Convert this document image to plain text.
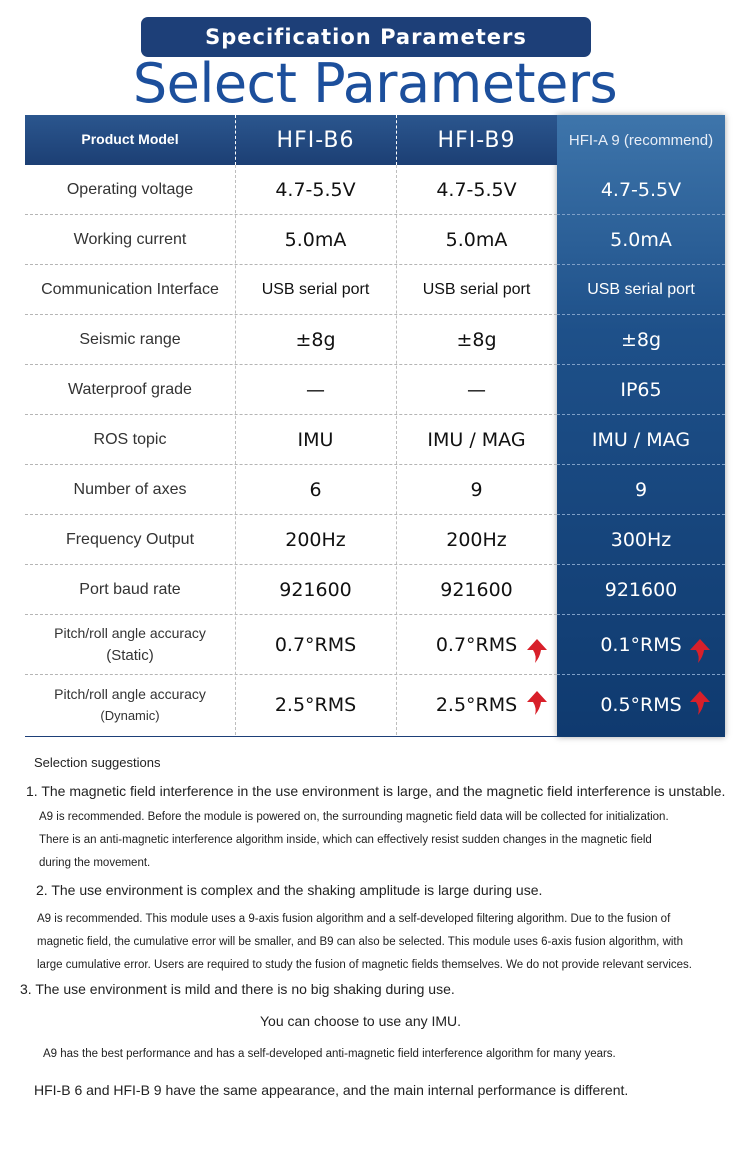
Specification Parameters
Select Parameters
Product Model	HFI-B6	HFI-B9	HFI-A 9 (recommend)
Operating voltage	4.7-5.5V	4.7-5.5V	4.7-5.5V
Working current	5.0mA	5.0mA	5.0mA
Communication Interface	USB serial port	USB serial port	USB serial port
Seismic range	±8g	±8g	±8g
Waterproof grade	—	—	IP65
ROS topic	IMU	IMU / MAG	IMU / MAG
Number of axes	6	9	9
Frequency Output	200Hz	200Hz	300Hz
Port baud rate	921600	921600	921600
Pitch/roll angle accuracy
(Static)	0.7°RMS	0.7°RMS	0.1°RMS
Pitch/roll angle accuracy
(Dynamic)	2.5°RMS	2.5°RMS	0.5°RMS
Selection suggestions
1. The magnetic field interference in the use environment is large, and the magnetic field interference is unstable.
A9 is recommended. Before the module is powered on, the surrounding magnetic field data will be collected for initialization.
There is an anti-magnetic interference algorithm inside, which can effectively resist sudden changes in the magnetic field
during the movement.
2. The use environment is complex and the shaking amplitude is large during use.
A9 is recommended. This module uses a 9-axis fusion algorithm and a self-developed filtering algorithm. Due to the fusion of
magnetic field, the cumulative error will be smaller, and B9 can also be selected. This module uses 6-axis fusion algorithm, with
large cumulative error. Users are required to study the fusion of magnetic fields themselves. We do not provide relevant services.
3. The use environment is mild and there is no big shaking during use.
You can choose to use any IMU.
A9 has the best performance and has a self-developed anti-magnetic field interference algorithm for many years.
HFI-B 6 and HFI-B 9 have the same appearance, and the main internal performance is different.
